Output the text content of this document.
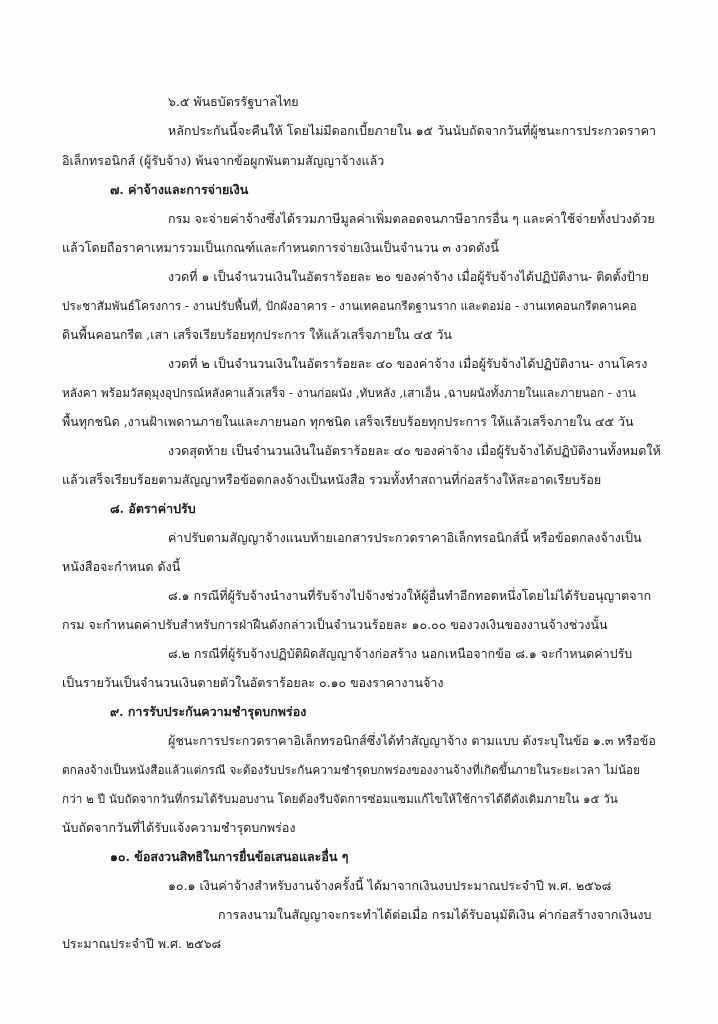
๖.๕ พันธบัตรรัฐบาลไทย
หลักประกันนี้จะคืนให้ โดยไม่มีดอกเบี้ยภายใน ๑๕ วันนับถัดจากวันที่ผู้ชนะการประกวดราคา
อิเล็กทรอนิกส์ (ผู้รับจ้าง) พ้นจากข้อผูกพันตามสัญญาจ้างแล้ว
๗. ค่าจ้างและการจ่ายเงิน
กรม จะจ่ายค่าจ้างซึ่งได้รวมภาษีมูลค่าเพิ่มตลอดจนภาษีอากรอื่น ๆ และค่าใช้จ่ายทั้งปวงด้วย
แล้วโดยถือราคาเหมารวมเป็นเกณฑ์และกำหนดการจ่ายเงินเป็นจำนวน ๓ งวดดังนี้
งวดที่ ๑ เป็นจำนวนเงินในอัตราร้อยละ ๒๐ ของค่าจ้าง เมื่อผู้รับจ้างได้ปฏิบัติงาน- ติดตั้งป้าย
ประชาสัมพันธ์โครงการ - งานปรับพื้นที่, ปักผังอาคาร - งานเทคอนกรีตฐานราก และตอม่อ - งานเทคอนกรีตคานคอ
ดินพื้นคอนกรีต ,เสา เสร็จเรียบร้อยทุกประการ ให้แล้วเสร็จภายใน ๔๕ วัน
งวดที่ ๒ เป็นจำนวนเงินในอัตราร้อยละ ๔๐ ของค่าจ้าง เมื่อผู้รับจ้างได้ปฏิบัติงาน- งานโครง
หลังคา พร้อมวัสดุมุงอุปกรณ์หลังคาแล้วเสร็จ - งานก่อผนัง ,ทับหลัง ,เสาเอ็น ,ฉาบผนังทั้งภายในและภายนอก - งาน
พื้นทุกชนิด ,งานฝ้าเพดานภายในและภายนอก ทุกชนิด เสร็จเรียบร้อยทุกประการ ให้แล้วเสร็จภายใน ๔๕ วัน
งวดสุดท้าย เป็นจำนวนเงินในอัตราร้อยละ ๔๐ ของค่าจ้าง เมื่อผู้รับจ้างได้ปฏิบัติงานทั้งหมดให้
แล้วเสร็จเรียบร้อยตามสัญญาหรือข้อตกลงจ้างเป็นหนังสือ รวมทั้งทำสถานที่ก่อสร้างให้สะอาดเรียบร้อย
๘. อัตราค่าปรับ
ค่าปรับตามสัญญาจ้างแนบท้ายเอกสารประกวดราคาอิเล็กทรอนิกส์นี้ หรือข้อตกลงจ้างเป็น
หนังสือจะกำหนด ดังนี้
๘.๑ กรณีที่ผู้รับจ้างนำงานที่รับจ้างไปจ้างช่วงให้ผู้อื่นทำอีกทอดหนึ่งโดยไม่ได้รับอนุญาตจาก
กรม จะกำหนดค่าปรับสำหรับการฝ่าฝืนดังกล่าวเป็นจำนวนร้อยละ ๑๐.๐๐ ของวงเงินของงานจ้างช่วงนั้น
๘.๒ กรณีที่ผู้รับจ้างปฏิบัติผิดสัญญาจ้างก่อสร้าง นอกเหนือจากข้อ ๘.๑ จะกำหนดค่าปรับ
เป็นรายวันเป็นจำนวนเงินตายตัวในอัตราร้อยละ ๐.๑๐ ของราคางานจ้าง
๙. การรับประกันความชำรุดบกพร่อง
ผู้ชนะการประกวดราคาอิเล็กทรอนิกส์ซึ่งได้ทำสัญญาจ้าง ตามแบบ ดังระบุในข้อ ๑.๓ หรือข้อ
ตกลงจ้างเป็นหนังสือแล้วแต่กรณี จะต้องรับประกันความชำรุดบกพร่องของงานจ้างที่เกิดขึ้นภายในระยะเวลา ไม่น้อย
กว่า ๒ ปี นับถัดจากวันที่กรมได้รับมอบงาน โดยต้องรีบจัดการซ่อมแซมแก้ไขให้ใช้การได้ดีดังเดิมภายใน ๑๕ วัน
นับถัดจากวันที่ได้รับแจ้งความชำรุดบกพร่อง
๑๐. ข้อสงวนสิทธิในการยื่นข้อเสนอและอื่น ๆ
๑๐.๑ เงินค่าจ้างสำหรับงานจ้างครั้งนี้ ได้มาจากเงินงบประมาณประจำปี พ.ศ. ๒๕๖๘
การลงนามในสัญญาจะกระทำได้ต่อเมื่อ กรมได้รับอนุมัติเงิน ค่าก่อสร้างจากเงินงบ
ประมาณประจำปี พ.ศ. ๒๕๖๘
